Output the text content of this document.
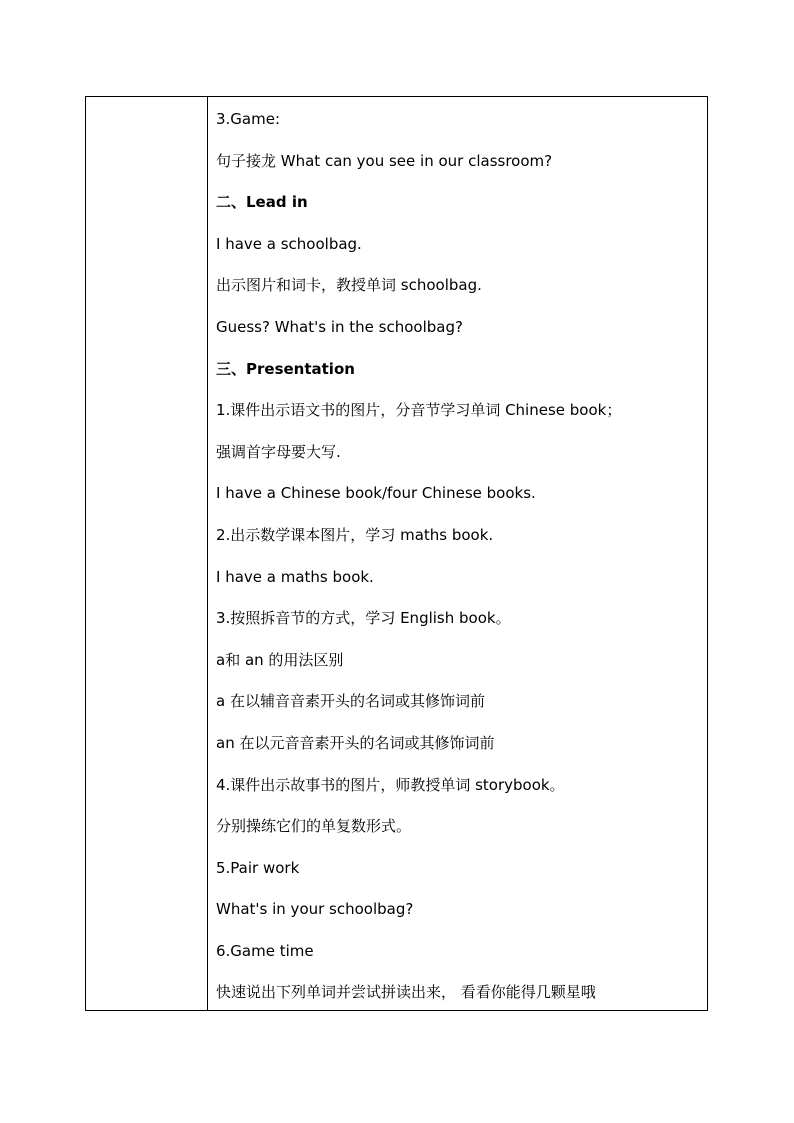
3.Game:
句子接龙 What can you see in our classroom?
二、Lead in
I have a schoolbag.
出示图片和词卡，教授单词 schoolbag.
Guess? What's in the schoolbag?
三、Presentation
1.课件出示语文书的图片，分音节学习单词 Chinese book；
强调首字母要大写.
I have a Chinese book/four Chinese books.
2.出示数学课本图片，学习 maths book.
I have a maths book.
3.按照拆音节的方式，学习 English book。
a和 an 的用法区别
a 在以辅音音素开头的名词或其修饰词前
an 在以元音音素开头的名词或其修饰词前
4.课件出示故事书的图片，师教授单词 storybook。
分别操练它们的单复数形式。
5.Pair work
What's in your schoolbag?
6.Game time
快速说出下列单词并尝试拼读出来， 看看你能得几颗星哦
